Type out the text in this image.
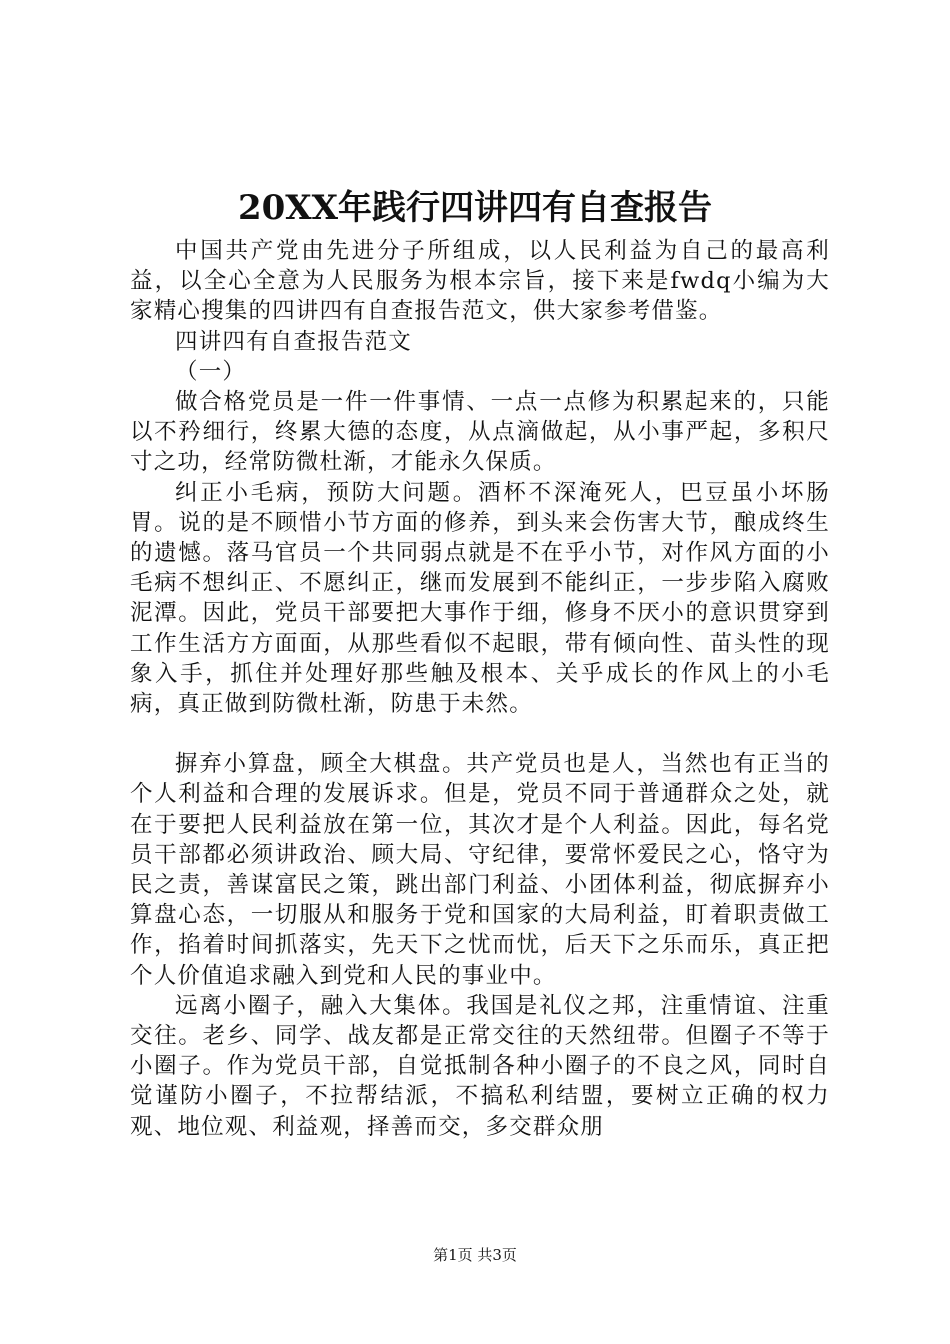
20XX年践行四讲四有自查报告

中国共产党由先进分子所组成，以人民利益为自己的最高利益，以全心全意为人民服务为根本宗旨，接下来是fwdq小编为大家精心搜集的四讲四有自查报告范文，供大家参考借鉴。

四讲四有自查报告范文

（一）

做合格党员是一件一件事情、一点一点修为积累起来的，只能以不矜细行，终累大德的态度，从点滴做起，从小事严起，多积尺寸之功，经常防微杜渐，才能永久保质。

纠正小毛病，预防大问题。酒杯不深淹死人，巴豆虽小坏肠胃。说的是不顾惜小节方面的修养，到头来会伤害大节，酿成终生的遗憾。落马官员一个共同弱点就是不在乎小节，对作风方面的小毛病不想纠正、不愿纠正，继而发展到不能纠正，一步步陷入腐败泥潭。因此，党员干部要把大事作于细，修身不厌小的意识贯穿到工作生活方方面面，从那些看似不起眼，带有倾向性、苗头性的现象入手，抓住并处理好那些触及根本、关乎成长的作风上的小毛病，真正做到防微杜渐，防患于未然。

摒弃小算盘，顾全大棋盘。共产党员也是人，当然也有正当的个人利益和合理的发展诉求。但是，党员不同于普通群众之处，就在于要把人民利益放在第一位，其次才是个人利益。因此，每名党员干部都必须讲政治、顾大局、守纪律，要常怀爱民之心，恪守为民之责，善谋富民之策，跳出部门利益、小团体利益，彻底摒弃小算盘心态，一切服从和服务于党和国家的大局利益，盯着职责做工作，掐着时间抓落实，先天下之忧而忧，后天下之乐而乐，真正把个人价值追求融入到党和人民的事业中。

远离小圈子，融入大集体。我国是礼仪之邦，注重情谊、注重交往。老乡、同学、战友都是正常交往的天然纽带。但圈子不等于小圈子。作为党员干部，自觉抵制各种小圈子的不良之风，同时自觉谨防小圈子，不拉帮结派，不搞私利结盟，要树立正确的权力观、地位观、利益观，择善而交，多交群众朋

第1页 共3页
